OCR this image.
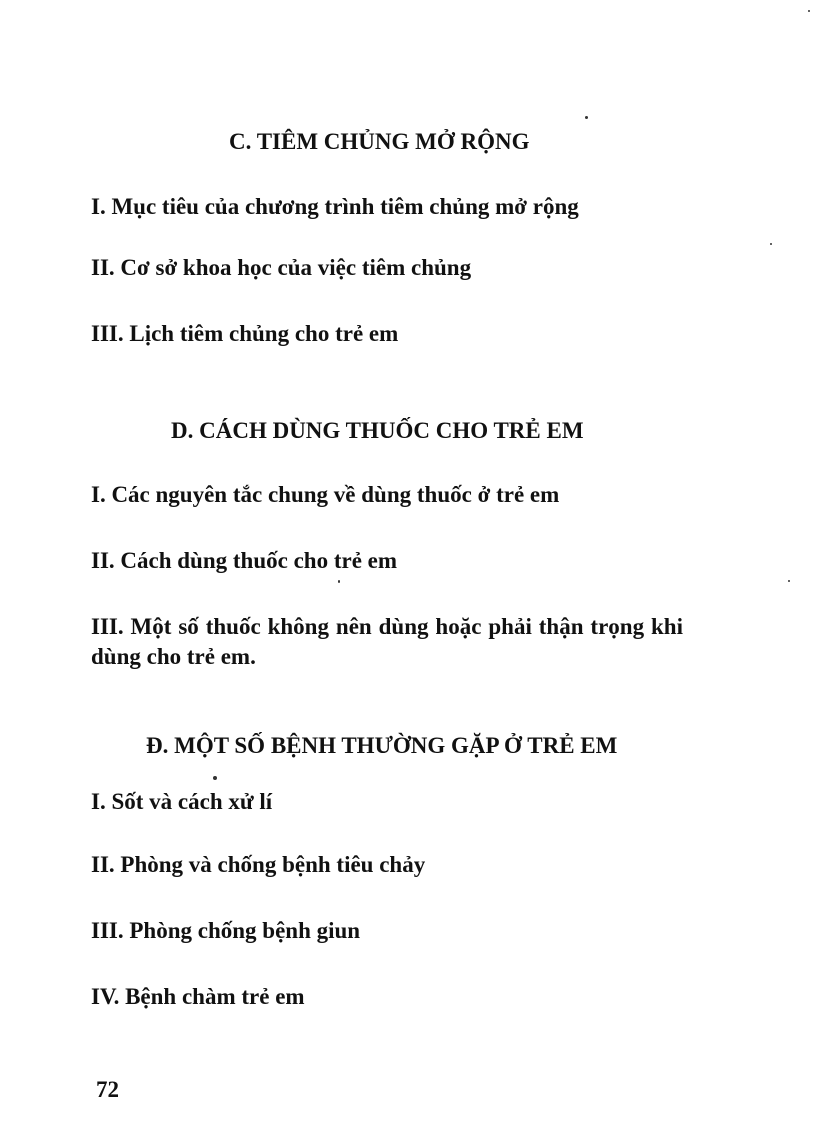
C. TIÊM CHỦNG MỞ RỘNG
I. Mục tiêu của chương trình tiêm chủng mở rộng
II. Cơ sở khoa học của việc tiêm chủng
III. Lịch tiêm chủng cho trẻ em
D. CÁCH DÙNG THUỐC CHO TRẺ EM
I. Các nguyên tắc chung về dùng thuốc ở trẻ em
II. Cách dùng thuốc cho trẻ em
III. Một số thuốc không nên dùng hoặc phải thận trọng khi dùng cho trẻ em.
Đ. MỘT SỐ BỆNH THƯỜNG GẶP Ở TRẺ EM
I. Sốt và cách xử lí
II. Phòng và chống bệnh tiêu chảy
III. Phòng chống bệnh giun
IV. Bệnh chàm trẻ em
72
